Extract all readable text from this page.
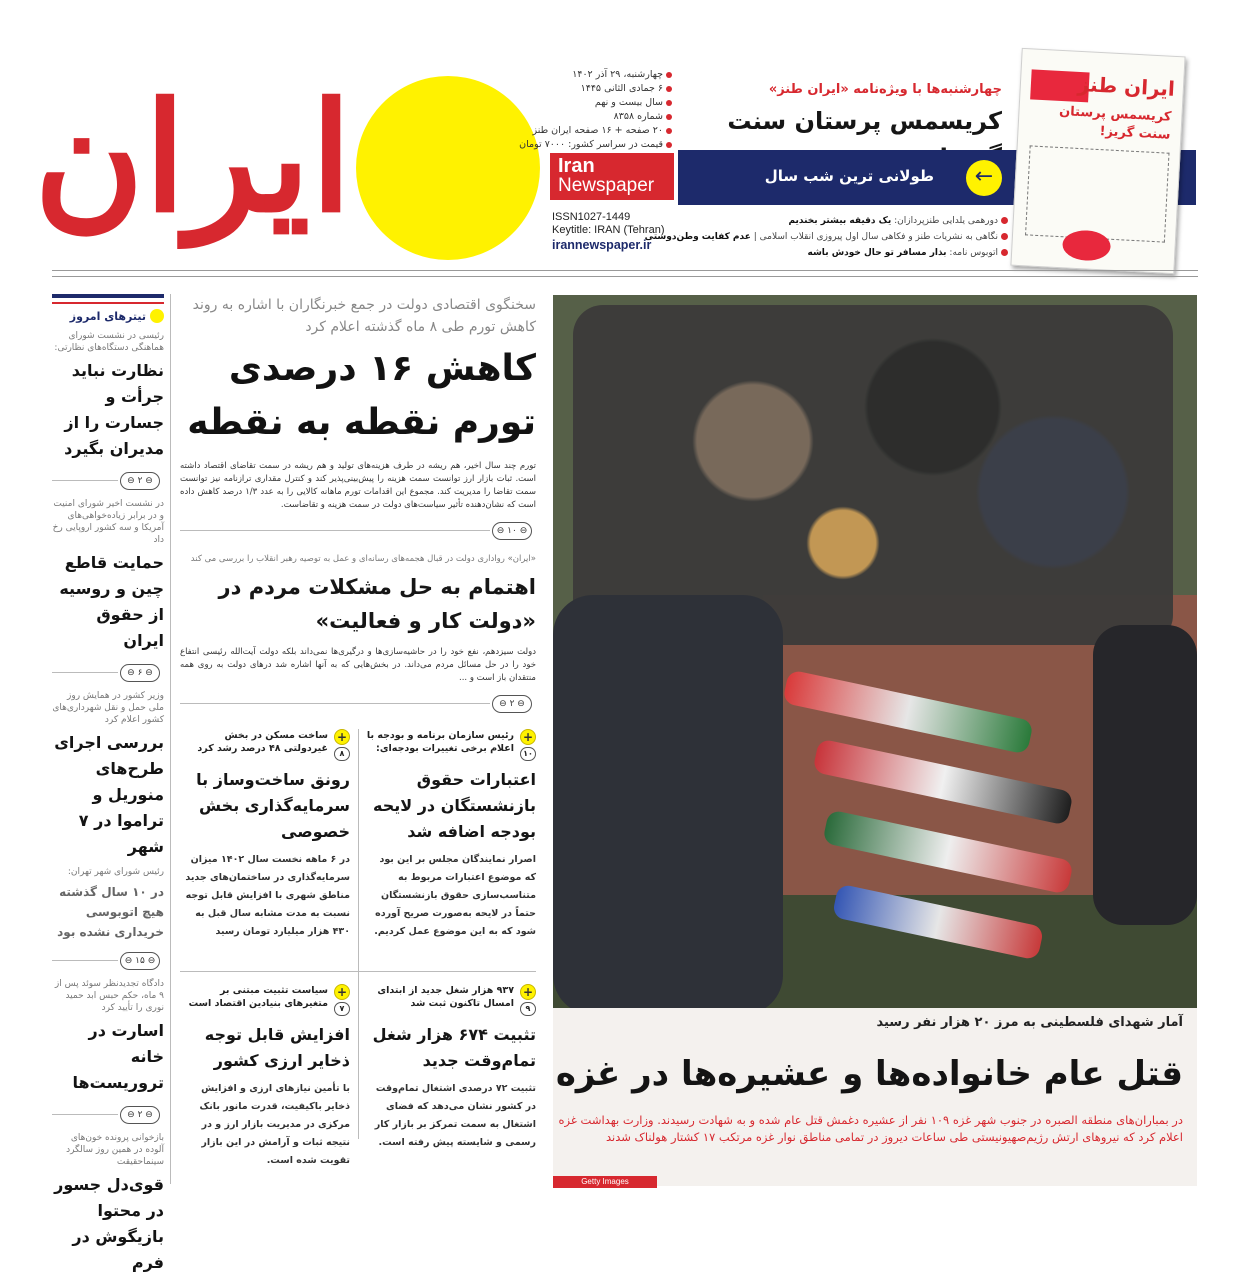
ایران	چهارشنبه، ۲۹ آذر ۱۴۰۲
۶ جمادی الثانی ۱۴۴۵
سال بیست و نهم
شماره ۸۳۵۸
۲۰ صفحه + ۱۶ صفحه ایران طنز
قیمت در سراسر کشور: ۷۰۰۰ تومان
Iran
Newspaper
ISSN1027-1449
Keytitle: IRAN (Tehran)
irannewspaper.ir
چهارشنبه‌ها با ویژه‌نامه «ایران طنز»
کریسمس پرستان سنت
طولانی ترین شب سال	←
دورهمی یلدایی طنزپردازان: یک دقیقه بیشتر بخندیم
نگاهی به نشریات طنز و فکاهی سال اول پیروزی انقلاب اسلامی | عدم کفایت وطن‌دوستی
اتوبوس نامه: بذار مسافر تو حال خودش باشه
ایران طنز
کریسمس پرستان سنت گریز!
تیترهای امروز
رئیسی در نشست شورای هماهنگی دستگاه‌های نظارتی:
نظارت نباید جرأت و جسارت را از مدیران بگیرد
⊖ ۲ ⊖
در نشست اخیر شورای امنیت و در برابر زیاده‌خواهی‌های آمریکا و سه کشور اروپایی رخ داد
حمایت قاطع چین و روسیه از حقوق ایران
⊖ ۶ ⊖
وزیر کشور در همایش روز ملی حمل و نقل شهرداری‌های کشور اعلام کرد
بررسی اجرای طرح‌های منوریل و تراموا در ۷ شهر
رئیس شورای شهر تهران:
در ۱۰ سال گذشته هیچ اتوبوسی خریداری نشده بود
⊖ ۱۵ ⊖
دادگاه تجدیدنظر سوئد پس از ۹ ماه، حکم حبس ابد حمید نوری را تأیید کرد
اسارت در خانه تروریست‌ها
⊖ ۲ ⊖
بازخوانی پرونده خون‌های آلوده در همین روز سالگرد سینماحقیقت
قوی‌دل جسور در محتوا بازیگوش در فرم
سخنگوی اقتصادی دولت در جمع خبرنگاران با اشاره به روند کاهش تورم طی ۸ ماه گذشته اعلام کرد
کاهش ۱۶ درصدی تورم نقطه به نقطه
تورم چند سال اخیر، هم ریشه در طرف هزینه‌های تولید و هم ریشه در سمت تقاضای اقتصاد داشته است. ثبات بازار ارز توانست سمت هزینه را پیش‌بینی‌پذیر کند و کنترل مقداری ترازنامه نیز توانست سمت تقاضا را مدیریت کند. مجموع این اقدامات تورم ماهانه کالایی را به عدد ۱/۳ درصد کاهش داده است که نشان‌دهنده تأثیر سیاست‌های دولت در سمت هزینه و تقاضاست.
⊖ ۱۰ ⊖
«ایران» روادارى دولت در قبال هجمه‌هاى رسانه‌اى و عمل به توصیه رهبر انقلاب را بررسى مى کند
اهتمام به حل مشکلات مردم در «دولت کار و فعالیت»
دولت سیزدهم، نفع خود را در حاشیه‌سازی‌ها و درگیری‌ها نمی‌داند بلکه دولت آیت‌الله رئیسی انتفاع خود را در حل مسائل مردم می‌داند. در بخش‌هایی که به آنها اشاره شد درهای دولت به روی همه منتقدان باز است و ...
⊖ ۲ ⊖
+
۱۰
رئیس سازمان برنامه و بودجه با اعلام برخی تغییرات بودجه‌ای:
اعتبارات حقوق بازنشستگان در لایحه بودجه اضافه شد
اصرار نمایندگان مجلس بر این بود که موضوع اعتبارات مربوط به متناسب‌سازی حقوق بازنشستگان حتماً در لایحه به‌صورت صریح آورده شود که به این موضوع عمل کردیم.
+
۸
ساخت مسکن در بخش غیردولتی ۴۸ درصد رشد کرد
رونق ساخت‌وساز با سرمایه‌گذاری بخش خصوصی
در ۶ ماهه نخست سال ۱۴۰۲ میزان سرمایه‌گذاری در ساختمان‌های جدید مناطق شهری با افزایش قابل توجه نسبت به مدت مشابه سال قبل به ۴۳۰ هزار میلیارد تومان رسید
+
۹
۹۳۷ هزار شغل جدید از ابتدای امسال تاکنون ثبت شد
تثبیت ۶۷۴ هزار شغل تمام‌وقت جدید
تثبیت ۷۲ درصدی اشتغال تمام‌وقت در کشور نشان می‌دهد که فضای اشتغال به سمت تمرکز بر بازار کار رسمی و شایسته پیش رفته است.
+
۷
سیاست تثبیت مبتنی بر متغیرهای بنیادین اقتصاد است
افزایش قابل توجه ذخایر ارزی کشور
با تأمین نیازهای ارزی و افزایش ذخایر باکیفیت، قدرت مانور بانک مرکزی در مدیریت بازار ارز و در نتیجه ثبات و آرامش در این بازار تقویت شده است.
آمار شهدای فلسطینی به مرز ۲۰ هزار نفر رسید
قتل عام خانواده‌ها و عشیره‌ها در غزه
در بمباران‌های منطقه الصبره در جنوب شهر غزه ۱۰۹ نفر از عشیره دغمش قتل عام شده و به شهادت رسیدند. وزارت بهداشت غزه اعلام کرد که نیروهای ارتش رژیم‌صهیونیستی طی ساعات دیروز در تمامی مناطق نوار غزه مرتکب ۱۷ کشتار هولناک شدند
Getty Images
